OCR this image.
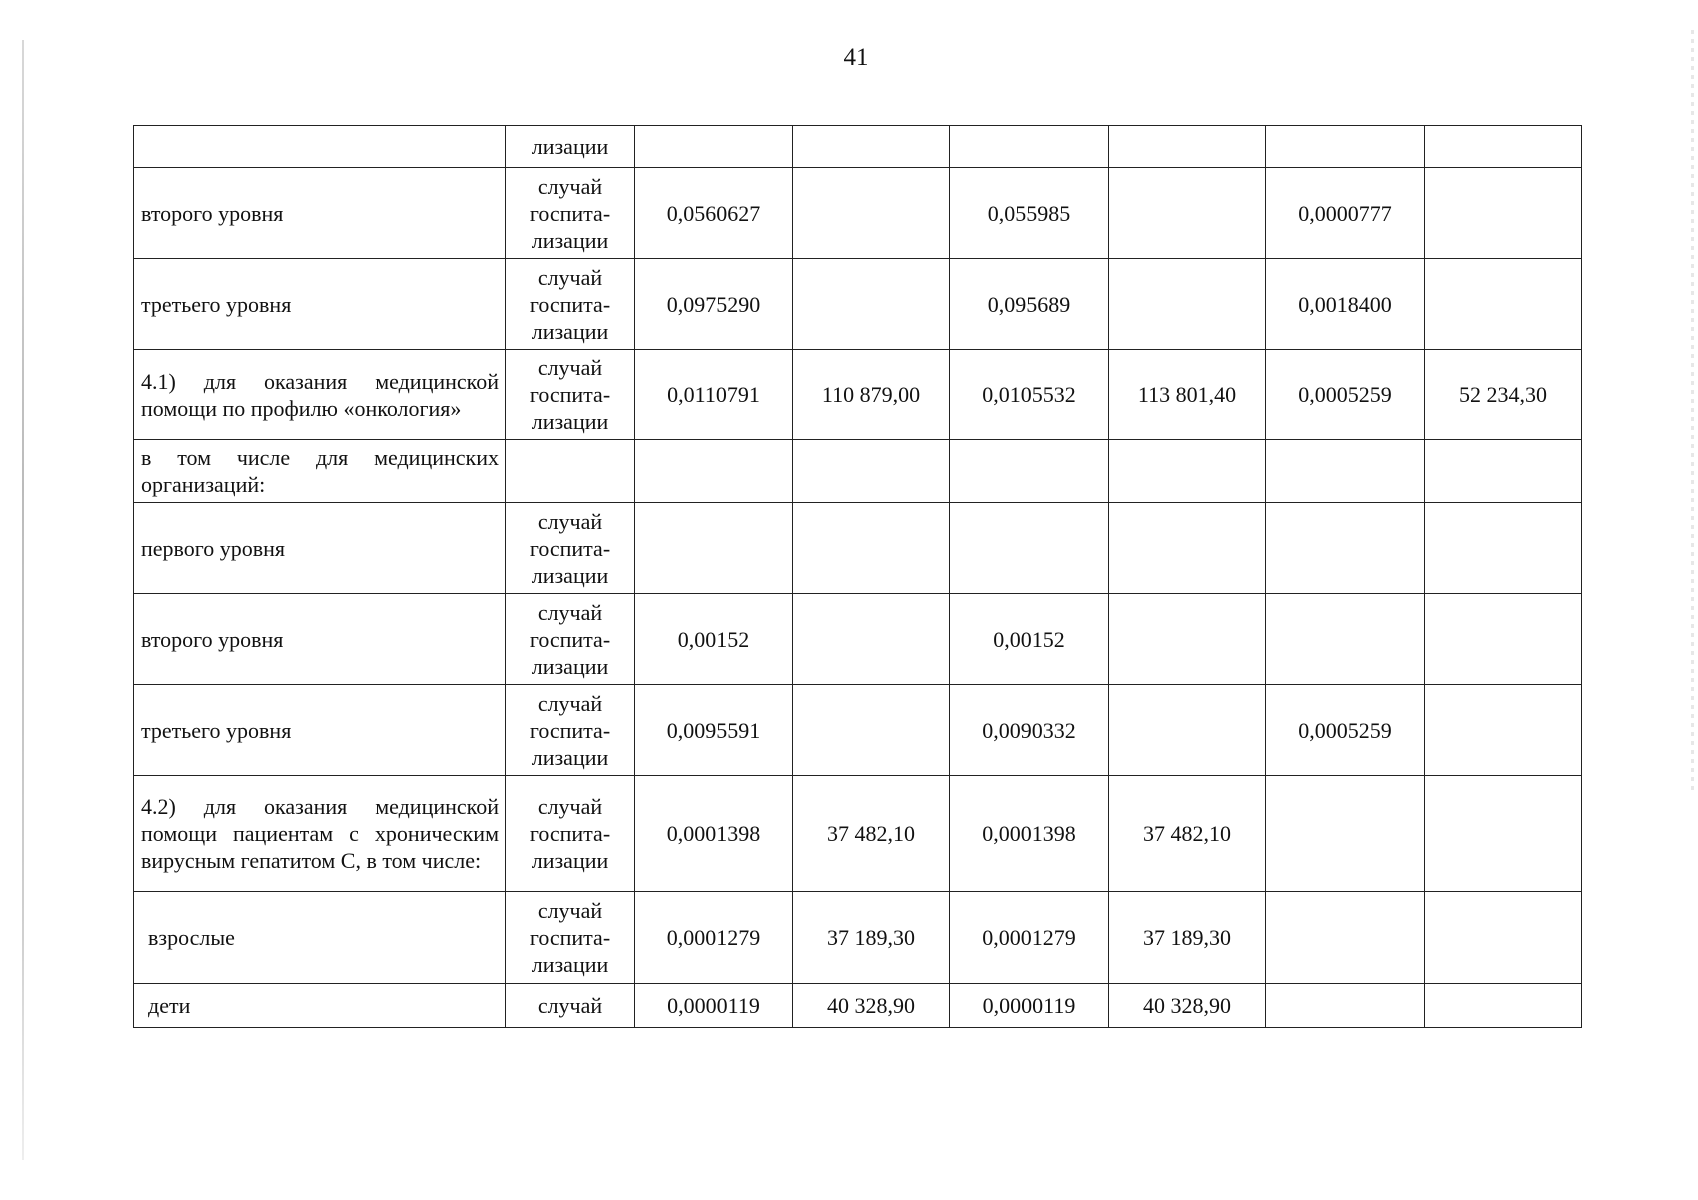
41
	лизации						
второго уровня	случай
госпита-
лизации	0,0560627		0,055985		0,0000777	
третьего уровня	случай
госпита-
лизации	0,0975290		0,095689		0,0018400	
4.1) для оказания медицинской помощи по профилю «онкология»	случай
госпита-
лизации	0,0110791	110 879,00	0,0105532	113 801,40	0,0005259	52 234,30
в том числе для медицинских организаций:							
первого уровня	случай
госпита-
лизации						
второго уровня	случай
госпита-
лизации	0,00152		0,00152			
третьего уровня	случай
госпита-
лизации	0,0095591		0,0090332		0,0005259	
4.2) для оказания медицинской помощи пациентам с хроническим вирусным гепатитом С, в том числе:	случай
госпита-
лизации	0,0001398	37 482,10	0,0001398	37 482,10		
взрослые	случай
госпита-
лизации	0,0001279	37 189,30	0,0001279	37 189,30		
дети	случай	0,0000119	40 328,90	0,0000119	40 328,90		
